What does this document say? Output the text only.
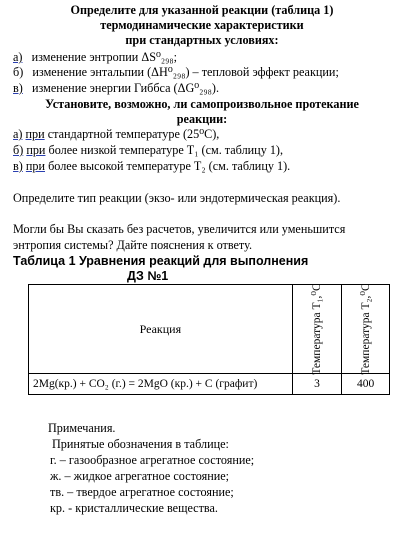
Определите для указанной реакции (таблица 1)
термодинамические характеристики
при стандартных условиях:
а) изменение энтропии ΔS⁰₂₉₈;
б) изменение энтальпии (ΔH⁰₂₉₈) – тепловой эффект реакции;
в) изменение энергии Гиббса (ΔG⁰₂₉₈).
Установите, возможно, ли самопроизвольное протекание
реакции:
а) при стандартной температуре (25⁰C),
б) при более низкой температуре T₁ (см. таблицу 1),
в) при более высокой температуре T₂ (см. таблицу 1).
Определите тип реакции (экзо- или эндотермическая реакция).
Могли бы Вы сказать без расчетов, увеличится или уменьшится
энтропия системы? Дайте пояснения к ответу.
Таблица 1 Уравнения реакций для выполнения
ДЗ №1
Реакция	Температура T₁,⁰C	Температура T₂,⁰C

2Mg(кр.) + CO₂ (г.) = 2MgO (кр.) + C (графит)	3	400
Примечания.
Принятые обозначения в таблице:
г. – газообразное агрегатное состояние;
ж. – жидкое агрегатное состояние;
тв. – твердое агрегатное состояние;
кр. - кристаллические вещества.
